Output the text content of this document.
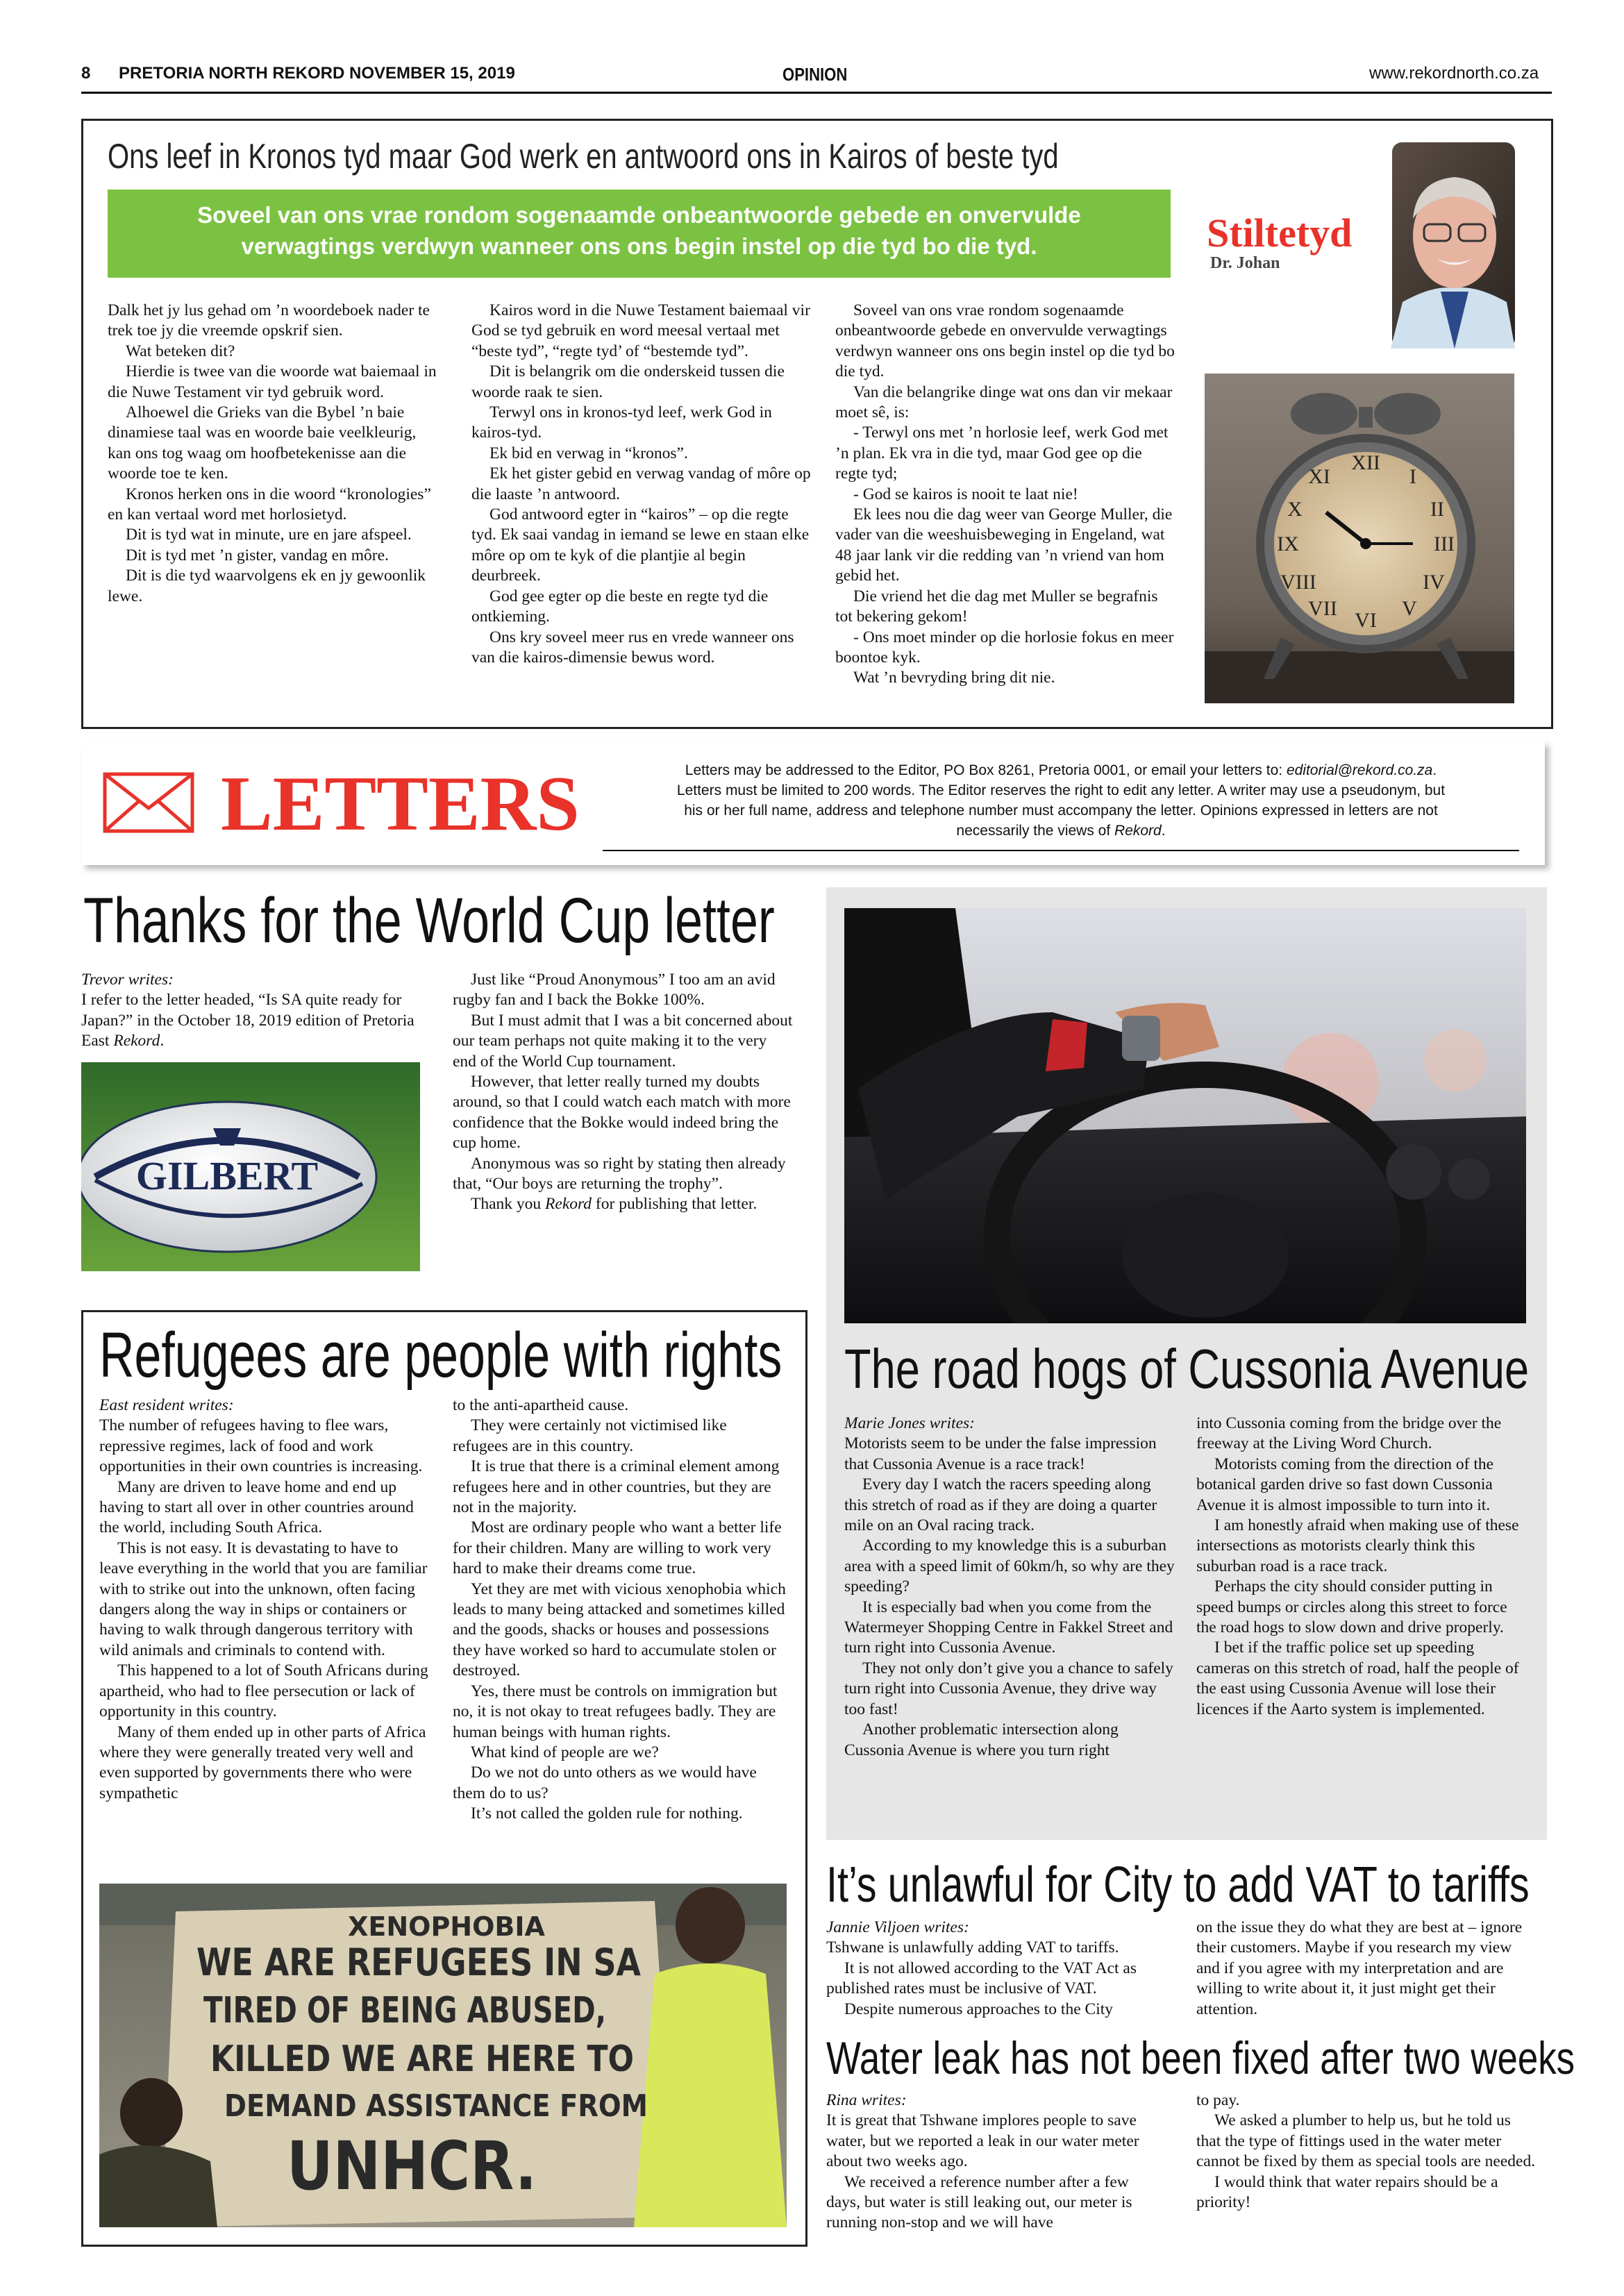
8 PRETORIA NORTH REKORD NOVEMBER 15, 2019	OPINION	www.rekordnorth.co.za
Ons leef in Kronos tyd maar God werk en antwoord ons in Kairos of beste tyd
Soveel van ons vrae rondom sogenaamde onbeantwoorde gebede en onvervulde
verwagtings verdwyn wanneer ons ons begin instel op die tyd bo die tyd.	Stiltetyd
Dr. Johan
XII
I
II
III
IV
V
VI
VII
VIII
IX
X
XI

Dalk het jy lus gehad om ’n woordeboek nader te trek toe jy die vreemde opskrif sien.

Wat beteken dit?

Hierdie is twee van die woorde wat baiemaal in die Nuwe Testament vir tyd gebruik word.

Alhoewel die Grieks van die Bybel ’n baie dinamiese taal was en woorde baie veelkleurig, kan ons tog waag om hoofbetekenisse aan die woorde toe te ken.

Kronos herken ons in die woord “kronologies” en kan vertaal word met horlosietyd.

Dit is tyd wat in minute, ure en jare afspeel.

Dit is tyd met ’n gister, vandag en môre.

Dit is die tyd waarvolgens ek en jy gewoonlik lewe.

Kairos word in die Nuwe Testament baiemaal vir God se tyd gebruik en word meesal vertaal met “beste tyd”, “regte tyd’ of “bestemde tyd”.

Dit is belangrik om die onderskeid tussen die woorde raak te sien.

Terwyl ons in kronos-tyd leef, werk God in kairos-tyd.

Ek bid en verwag in “kronos”.

Ek het gister gebid en verwag vandag of môre op die laaste ’n antwoord.

God antwoord egter in “kairos” – op die regte tyd. Ek saai vandag in iemand se lewe en staan elke môre op om te kyk of die plantjie al begin deurbreek.

God gee egter op die beste en regte tyd die ontkieming.

Ons kry soveel meer rus en vrede wanneer ons van die kairos-dimensie bewus word.

Soveel van ons vrae rondom sogenaamde onbeantwoorde gebede en onvervulde verwagtings verdwyn wanneer ons ons begin instel op die tyd bo die tyd.

Van die belangrike dinge wat ons dan vir mekaar moet sê, is:

- Terwyl ons met ’n horlosie leef, werk God met ’n plan. Ek vra in die tyd, maar God gee op die regte tyd;

- God se kairos is nooit te laat nie!

Ek lees nou die dag weer van George Muller, die vader van die weeshuisbeweging in Engeland, wat 48 jaar lank vir die redding van ’n vriend van hom gebid het.

Die vriend het die dag met Muller se begrafnis tot bekering gekom!

- Ons moet minder op die horlosie fokus en meer boontoe kyk.

Wat ’n bevryding bring dit nie.

LETTERS	Letters may be addressed to the Editor, PO Box 8261, Pretoria 0001, or email your letters to: editorial@rekord.co.za.
Letters must be limited to 200 words. The Editor reserves the right to edit any letter. A writer may use a pseudonym, but
his or her full name, address and telephone number must accompany the letter. Opinions expressed in letters are not
necessarily the views of Rekord.
Thanks for the World Cup letter

Trevor writes:

I refer to the letter headed, “Is SA quite ready for Japan?” in the October 18, 2019 edition of Pretoria East Rekord.

GILBERT

Just like “Proud Anonymous” I too am an avid rugby fan and I back the Bokke 100%.

But I must admit that I was a bit concerned about our team perhaps not quite making it to the very end of the World Cup tournament.

However, that letter really turned my doubts around, so that I could watch each match with more confidence that the Bokke would indeed bring the cup home.

Anonymous was so right by stating then already that, “Our boys are returning the trophy”.

Thank you Rekord for publishing that letter.

The road hogs of Cussonia Avenue

Marie Jones writes:

Motorists seem to be under the false impression that Cussonia Avenue is a race track!

Every day I watch the racers speeding along this stretch of road as if they are doing a quarter mile on an Oval racing track.

According to my knowledge this is a suburban area with a speed limit of 60km/h, so why are they speeding?

It is especially bad when you come from the Watermeyer Shopping Centre in Fakkel Street and turn right into Cussonia Avenue.

They not only don’t give you a chance to safely turn right into Cussonia Avenue, they drive way too fast!

Another problematic intersection along Cussonia Avenue is where you turn right

into Cussonia coming from the bridge over the freeway at the Living Word Church.

Motorists coming from the direction of the botanical garden drive so fast down Cussonia Avenue it is almost impossible to turn into it.

I am honestly afraid when making use of these intersections as motorists clearly think this suburban road is a race track.

Perhaps the city should consider putting in speed bumps or circles along this street to force the road hogs to slow down and drive properly.

I bet if the traffic police set up speeding cameras on this stretch of road, half the people of the east using Cussonia Avenue will lose their licences if the Aarto system is implemented.

Refugees are people with rights

East resident writes:

The number of refugees having to flee wars, repressive regimes, lack of food and work opportunities in their own countries is increasing.

Many are driven to leave home and end up having to start all over in other countries around the world, including South Africa.

This is not easy. It is devastating to have to leave everything in the world that you are familiar with to strike out into the unknown, often facing dangers along the way in ships or containers or having to walk through dangerous territory with wild animals and criminals to contend with.

This happened to a lot of South Africans during apartheid, who had to flee persecution or lack of opportunity in this country.

Many of them ended up in other parts of Africa where they were generally treated very well and even supported by governments there who were sympathetic

to the anti-apartheid cause.

They were certainly not victimised like refugees are in this country.

It is true that there is a criminal element among refugees here and in other countries, but they are not in the majority.

Most are ordinary people who want a better life for their children. Many are willing to work very hard to make their dreams come true.

Yet they are met with vicious xenophobia which leads to many being attacked and sometimes killed and the goods, shacks or houses and possessions they have worked so hard to accumulate stolen or destroyed.

Yes, there must be controls on immigration but no, it is not okay to treat refugees badly. They are human beings with human rights.

What kind of people are we?

Do we not do unto others as we would have them do to us?

It’s not called the golden rule for nothing.

XENOPHOBIA
WE ARE REFUGEES IN SA
TIRED OF BEING ABUSED,
KILLED WE ARE HERE TO
DEMAND ASSISTANCE FROM
UNHCR.
It’s unlawful for City to add VAT to tariffs

Jannie Viljoen writes:

Tshwane is unlawfully adding VAT to tariffs.

It is not allowed according to the VAT Act as published rates must be inclusive of VAT.

Despite numerous approaches to the City

on the issue they do what they are best at – ignore their customers. Maybe if you research my view and if you agree with my interpretation and are willing to write about it, it just might get their attention.

Water leak has not been fixed after two weeks

Rina writes:

It is great that Tshwane implores people to save water, but we reported a leak in our water meter about two weeks ago.

We received a reference number after a few days, but water is still leaking out, our meter is running non-stop and we will have

to pay.

We asked a plumber to help us, but he told us that the type of fittings used in the water meter cannot be fixed by them as special tools are needed.

I would think that water repairs should be a priority!
